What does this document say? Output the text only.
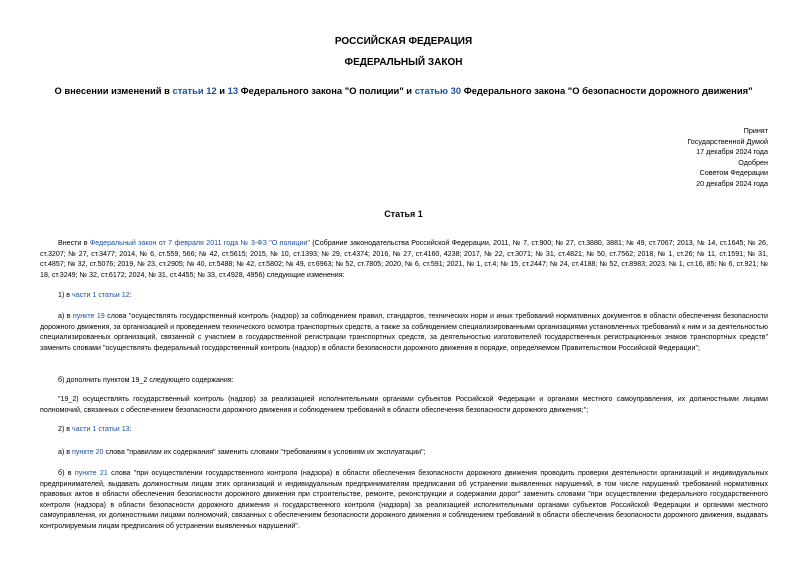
РОССИЙСКАЯ ФЕДЕРАЦИЯ
ФЕДЕРАЛЬНЫЙ ЗАКОН
О внесении изменений в статьи 12 и 13 Федерального закона "О полиции" и статью 30 Федерального закона "О безопасности дорожного движения"
Принят
Государственной Думой
17 декабря 2024 года
Одобрен
Советом Федерации
20 декабря 2024 года
Статья 1
Внести в Федеральный закон от 7 февраля 2011 года № 3-ФЗ "О полиции" (Собрание законодательства Российской Федерации, 2011, № 7, ст.900; № 27, ст.3880, 3881; № 49, ст.7067; 2013, № 14, ст.1645; № 26, ст.3207; № 27, ст.3477; 2014, № 6, ст.559, 566; № 42, ст.5615; 2015, № 10, ст.1393; № 29, ст.4374; 2016, № 27, ст.4160, 4238; 2017, № 22, ст.3071; № 31, ст.4821; № 50, ст.7562; 2018, № 1, ст.26; № 11, ст.1591; № 31, ст.4857; № 32, ст.5076; 2019, № 23, ст.2905; № 40, ст.5488; № 42, ст.5802; № 49, ст.6963; № 52, ст.7805; 2020, № 6, ст.591; 2021, № 1, ст.4; № 15, ст.2447; № 24, ст.4188; № 52, ст.8983; 2023, № 1, ст.16, 85; № 6, ст.921; № 18, ст.3249; № 32, ст.6172; 2024, № 31, ст.4455; № 33, ст.4928, 4956) следующие изменения:
1) в части 1 статьи 12:
а) в пункте 19 слова "осуществлять государственный контроль (надзор) за соблюдением правил, стандартов, технических норм и иных требований нормативных документов в области обеспечения безопасности дорожного движения, за организацией и проведением технического осмотра транспортных средств, а также за соблюдением специализированными организациями установленных требований к ним и за деятельностью специализированных организаций, связанной с участием в государственной регистрации транспортных средств, за деятельностью изготовителей государственных регистрационных знаков транспортных средств" заменить словами "осуществлять федеральный государственный контроль (надзор) в области безопасности дорожного движения в порядке, определяемом Правительством Российской Федерации";
б) дополнить пунктом 19_2 следующего содержания:
"19_2) осуществлять государственный контроль (надзор) за реализацией исполнительными органами субъектов Российской Федерации и органами местного самоуправления, их должностными лицами полномочий, связанных с обеспечением безопасности дорожного движения и соблюдением требований в области обеспечения безопасности дорожного движения;";
2) в части 1 статьи 13:
а) в пункте 20 слова "правилам их содержания" заменить словами "требованиям к условиям их эксплуатации";
б) в пункте 21 слова "при осуществлении государственного контроля (надзора) в области обеспечения безопасности дорожного движения проводить проверки деятельности организаций и индивидуальных предпринимателей, выдавать должностным лицам этих организаций и индивидуальным предпринимателям предписания об устранении выявленных нарушений, в том числе нарушений требований нормативных правовых актов в области обеспечения безопасности дорожного движения при строительстве, ремонте, реконструкции и содержании дорог" заменить словами "при осуществлении федерального государственного контроля (надзора) в области безопасности дорожного движения и государственного контроля (надзора) за реализацией исполнительными органами субъектов Российской Федерации и органами местного самоуправления, их должностными лицами полномочий, связанных с обеспечением безопасности дорожного движения и соблюдением требований в области обеспечения безопасности дорожного движения, выдавать контролируемым лицам предписания об устранении выявленных нарушений".
